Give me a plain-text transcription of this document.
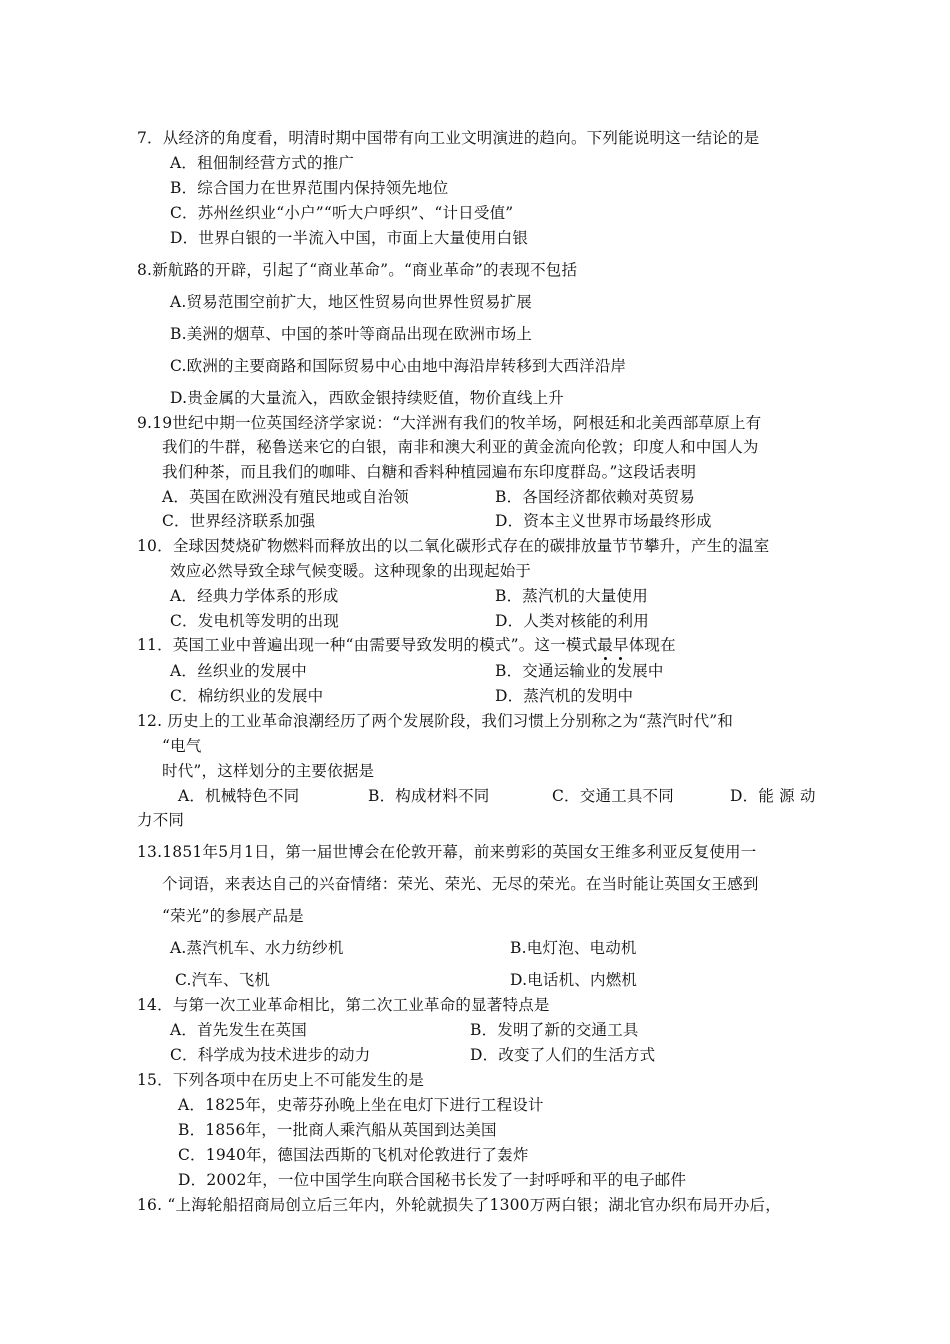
7．从经济的角度看，明清时期中国带有向工业文明演进的趋向。下列能说明这一结论的是
A．租佃制经营方式的推广
B．综合国力在世界范围内保持领先地位
C．苏州丝织业“小户”“听大户呼织”、“计日受值”
D．世界白银的一半流入中国，市面上大量使用白银
8.新航路的开辟，引起了“商业革命”。“商业革命”的表现不包括
A.贸易范围空前扩大，地区性贸易向世界性贸易扩展
B.美洲的烟草、中国的茶叶等商品出现在欧洲市场上
C.欧洲的主要商路和国际贸易中心由地中海沿岸转移到大西洋沿岸
D.贵金属的大量流入，西欧金银持续贬值，物价直线上升
9.19世纪中期一位英国经济学家说：“大洋洲有我们的牧羊场，阿根廷和北美西部草原上有
我们的牛群，秘鲁送来它的白银，南非和澳大利亚的黄金流向伦敦；印度人和中国人为
我们种茶，而且我们的咖啡、白糖和香料种植园遍布东印度群岛。”这段话表明
A．英国在欧洲没有殖民地或自治领	B．各国经济都依赖对英贸易
C．世界经济联系加强	D．资本主义世界市场最终形成
10．全球因焚烧矿物燃料而释放出的以二氧化碳形式存在的碳排放量节节攀升，产生的温室
效应必然导致全球气候变暖。这种现象的出现起始于
A．经典力学体系的形成	B．蒸汽机的大量使用
C．发电机等发明的出现	D．人类对核能的利用
11．英国工业中普遍出现一种“由需要导致发明的模式”。这一模式最
早
体现在
A．丝织业的发展中	B．交通运输业的发展中
C．棉纺织业的发展中	D．蒸汽机的发明中
12. 历史上的工业革命浪潮经历了两个发展阶段，我们习惯上分别称之为“蒸汽时代”和
“电气
时代”，这样划分的主要依据是
A．机械特色不同	B．构成材料不同	C．交通工具不同	D．能 源 动
力不同
13.1851年5月1日，第一届世博会在伦敦开幕，前来剪彩的英国女王维多利亚反复使用一
个词语，来表达自己的兴奋情绪：荣光、荣光、无尽的荣光。在当时能让英国女王感到
“荣光”的参展产品是
A.蒸汽机车、水力纺纱机	B.电灯泡、电动机
C.汽车、飞机	D.电话机、内燃机
14．与第一次工业革命相比，第二次工业革命的显著特点是
A．首先发生在英国	B．发明了新的交通工具
C．科学成为技术进步的动力	D．改变了人们的生活方式
15．下列各项中在历史上不可能发生的是
A．1825年，史蒂芬孙晚上坐在电灯下进行工程设计
B．1856年，一批商人乘汽船从英国到达美国
C．1940年，德国法西斯的飞机对伦敦进行了轰炸
D．2002年，一位中国学生向联合国秘书长发了一封呼呼和平的电子邮件
16. “上海轮船招商局创立后三年内，外轮就损失了1300万两白银；湖北官办织布局开办后，
